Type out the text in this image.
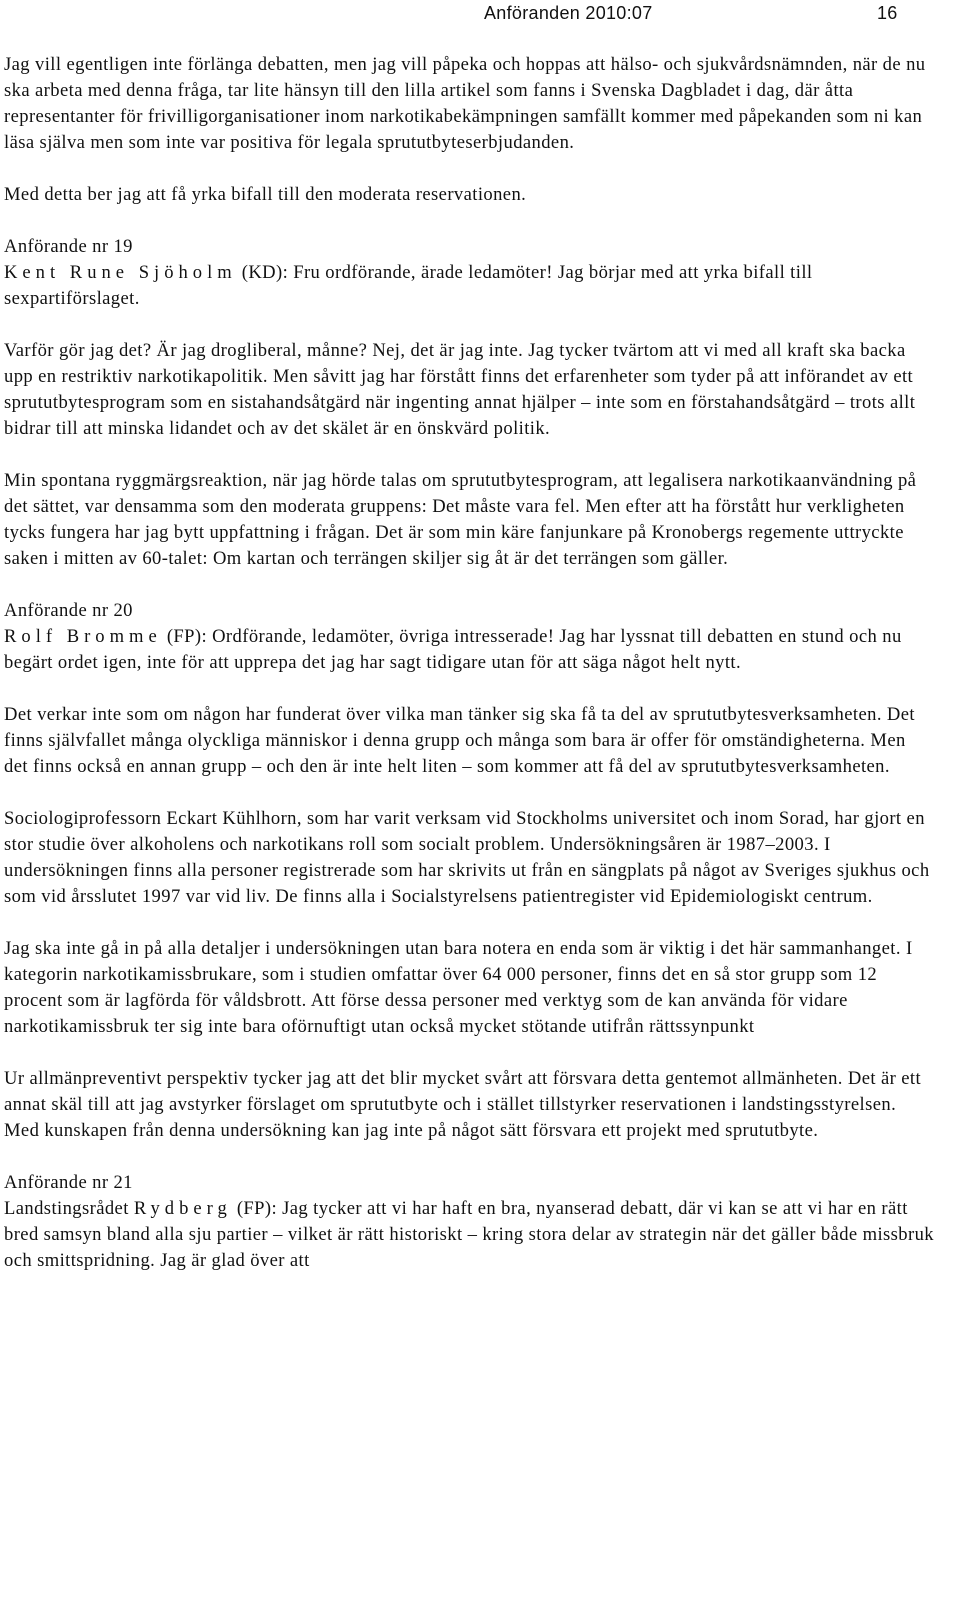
Anföranden 2010:07	16

Jag vill egentligen inte förlänga debatten, men jag vill påpeka och hoppas att hälso- och sjukvårdsnämnden, när de nu ska arbeta med denna fråga, tar lite hänsyn till den lilla artikel som fanns i Svenska Dagbladet i dag, där åtta representanter för frivilligorganisationer inom narkotikabekämpningen samfällt kommer med påpekanden som ni kan läsa själva men som inte var positiva för legala sprututbyteserbjudanden.

Med detta ber jag att få yrka bifall till den moderata reservationen.

Anförande nr 19

Kent Rune Sjöholm (KD): Fru ordförande, ärade ledamöter! Jag börjar med att yrka bifall till sexpartiförslaget.

Varför gör jag det? Är jag drogliberal, månne? Nej, det är jag inte. Jag tycker tvärtom att vi med all kraft ska backa upp en restriktiv narkotikapolitik. Men såvitt jag har förstått finns det erfarenheter som tyder på att införandet av ett sprututbytesprogram som en sistahandsåtgärd när ingenting annat hjälper – inte som en förstahandsåtgärd – trots allt bidrar till att minska lidandet och av det skälet är en önskvärd politik.

Min spontana ryggmärgsreaktion, när jag hörde talas om sprututbytesprogram, att legalisera narkotikaanvändning på det sättet, var densamma som den moderata gruppens: Det måste vara fel. Men efter att ha förstått hur verkligheten tycks fungera har jag bytt uppfattning i frågan. Det är som min käre fanjunkare på Kronobergs regemente uttryckte saken i mitten av 60-talet: Om kartan och terrängen skiljer sig åt är det terrängen som gäller.

Anförande nr 20

Rolf Bromme (FP): Ordförande, ledamöter, övriga intresserade! Jag har lyssnat till debatten en stund och nu begärt ordet igen, inte för att upprepa det jag har sagt tidigare utan för att säga något helt nytt.

Det verkar inte som om någon har funderat över vilka man tänker sig ska få ta del av sprututbytesverksamheten. Det finns självfallet många olyckliga människor i denna grupp och många som bara är offer för omständigheterna. Men det finns också en annan grupp – och den är inte helt liten – som kommer att få del av sprututbytesverksamheten.

Sociologiprofessorn Eckart Kühlhorn, som har varit verksam vid Stockholms universitet och inom Sorad, har gjort en stor studie över alkoholens och narkotikans roll som socialt problem. Undersökningsåren är 1987–2003. I undersökningen finns alla personer registrerade som har skrivits ut från en sängplats på något av Sveriges sjukhus och som vid årsslutet 1997 var vid liv. De finns alla i Socialstyrelsens patientregister vid Epidemiologiskt centrum.

Jag ska inte gå in på alla detaljer i undersökningen utan bara notera en enda som är viktig i det här sammanhanget. I kategorin narkotikamissbrukare, som i studien omfattar över 64 000 personer, finns det en så stor grupp som 12 procent som är lagförda för våldsbrott. Att förse dessa personer med verktyg som de kan använda för vidare narkotikamissbruk ter sig inte bara oförnuftigt utan också mycket stötande utifrån rättssynpunkt

Ur allmänpreventivt perspektiv tycker jag att det blir mycket svårt att försvara detta gentemot allmänheten. Det är ett annat skäl till att jag avstyrker förslaget om sprututbyte och i stället tillstyrker reservationen i landstingsstyrelsen. Med kunskapen från denna undersökning kan jag inte på något sätt försvara ett projekt med sprututbyte.

Anförande nr 21

Landstingsrådet Rydberg (FP): Jag tycker att vi har haft en bra, nyanserad debatt, där vi kan se att vi har en rätt bred samsyn bland alla sju partier – vilket är rätt historiskt – kring stora delar av strategin när det gäller både missbruk och smittspridning. Jag är glad över att
